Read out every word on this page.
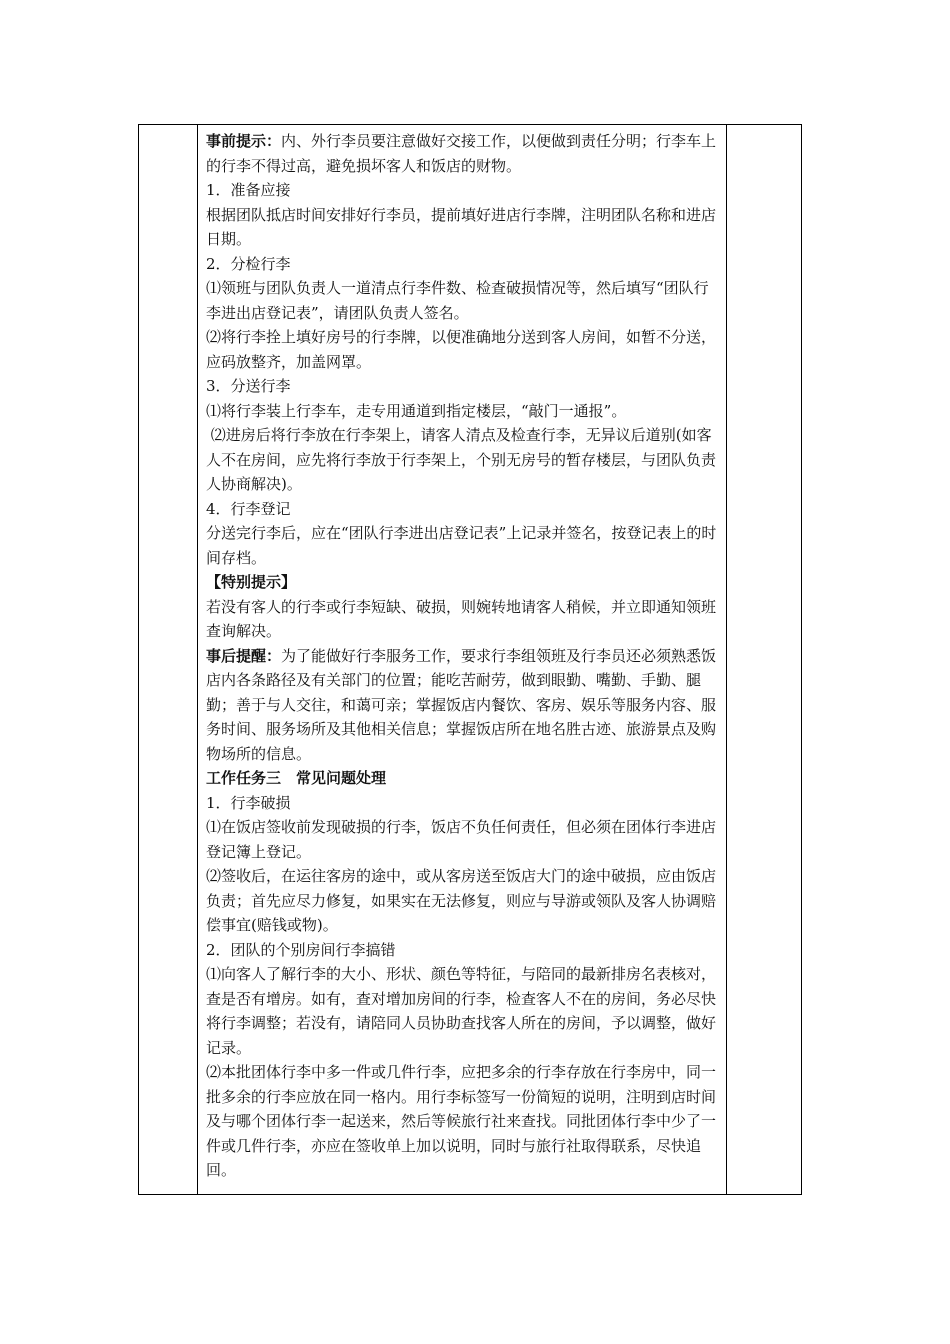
事前提示：内、外行李员要注意做好交接工作，以便做到责任分明；行李车上的行李不得过高，避免损坏客人和饭店的财物。

1．准备应接

根据团队抵店时间安排好行李员，提前填好进店行李牌，注明团队名称和进店日期。

2．分检行李

⑴领班与团队负责人一道清点行李件数、检查破损情况等，然后填写“团队行李进出店登记表”，请团队负责人签名。

⑵将行李拴上填好房号的行李牌，以便准确地分送到客人房间，如暂不分送，应码放整齐，加盖网罩。

3．分送行李

⑴将行李装上行李车，走专用通道到指定楼层，“敲门一通报”。

⑵进房后将行李放在行李架上，请客人清点及检查行李，无异议后道别(如客人不在房间，应先将行李放于行李架上，个别无房号的暂存楼层，与团队负责人协商解决)。

4．行李登记

分送完行李后，应在“团队行李进出店登记表”上记录并签名，按登记表上的时间存档。

【特别提示】

若没有客人的行李或行李短缺、破损，则婉转地请客人稍候，并立即通知领班查询解决。

事后提醒：为了能做好行李服务工作，要求行李组领班及行李员还必须熟悉饭店内各条路径及有关部门的位置；能吃苦耐劳，做到眼勤、嘴勤、手勤、腿勤；善于与人交往，和蔼可亲；掌握饭店内餐饮、客房、娱乐等服务内容、服务时间、服务场所及其他相关信息；掌握饭店所在地名胜古迹、旅游景点及购物场所的信息。

工作任务三　常见问题处理

1．行李破损

⑴在饭店签收前发现破损的行李，饭店不负任何责任，但必须在团体行李进店登记簿上登记。

⑵签收后，在运往客房的途中，或从客房送至饭店大门的途中破损，应由饭店负责；首先应尽力修复，如果实在无法修复，则应与导游或领队及客人协调赔偿事宜(赔钱或物)。

2．团队的个别房间行李搞错

⑴向客人了解行李的大小、形状、颜色等特征，与陪同的最新排房名表核对，查是否有增房。如有，查对增加房间的行李，检查客人不在的房间，务必尽快将行李调整；若没有，请陪同人员协助查找客人所在的房间，予以调整，做好记录。

⑵本批团体行李中多一件或几件行李，应把多余的行李存放在行李房中，同一批多余的行李应放在同一格内。用行李标签写一份简短的说明，注明到店时间及与哪个团体行李一起送来，然后等候旅行社来查找。同批团体行李中少了一件或几件行李，亦应在签收单上加以说明，同时与旅行社取得联系，尽快追回。
